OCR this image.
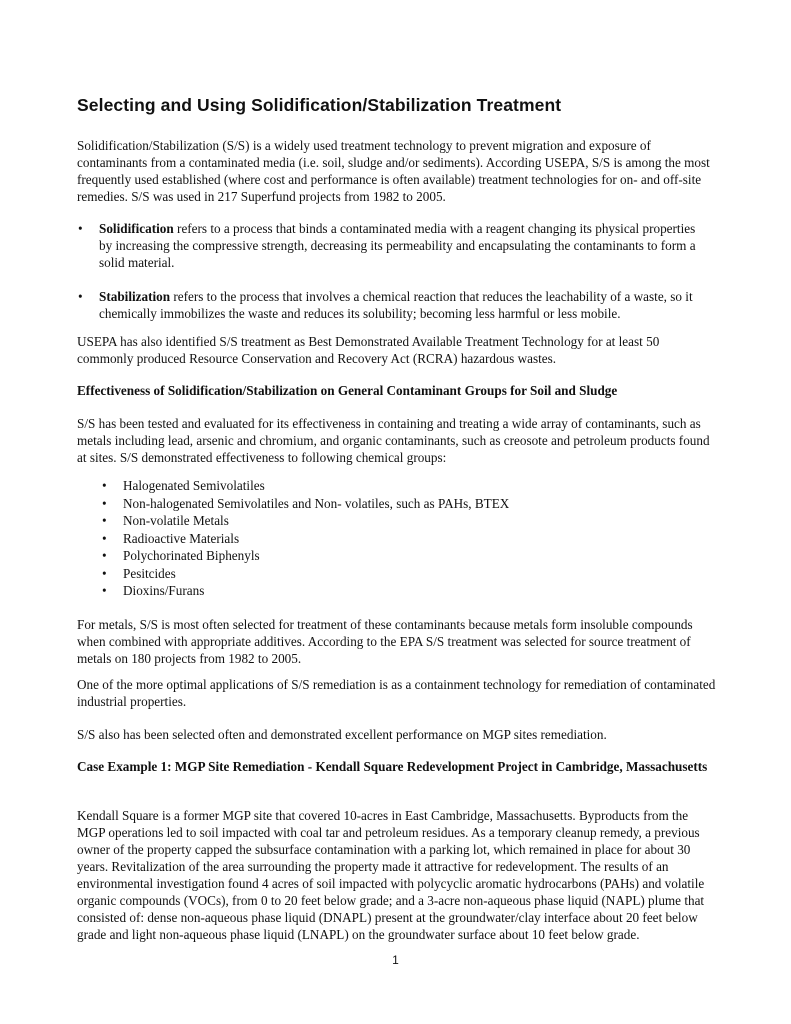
Selecting and Using Solidification/Stabilization Treatment

Solidification/Stabilization (S/S) is a widely used treatment technology to prevent migration and exposure of contaminants from a contaminated media (i.e. soil, sludge and/or sediments). According USEPA, S/S is among the most frequently used established (where cost and performance is often available) treatment technologies for on- and off-site remedies. S/S was used in 217 Superfund projects from 1982 to 2005.

• Solidification refers to a process that binds a contaminated media with a reagent changing its physical properties by increasing the compressive strength, decreasing its permeability and encapsulating the contaminants to form a solid material.
• Stabilization refers to the process that involves a chemical reaction that reduces the leachability of a waste, so it chemically immobilizes the waste and reduces its solubility; becoming less harmful or less mobile.

USEPA has also identified S/S treatment as Best Demonstrated Available Treatment Technology for at least 50 commonly produced Resource Conservation and Recovery Act (RCRA) hazardous wastes.

Effectiveness of Solidification/Stabilization on General Contaminant Groups for Soil and Sludge

S/S has been tested and evaluated for its effectiveness in containing and treating a wide array of contaminants, such as metals including lead, arsenic and chromium, and organic contaminants, such as creosote and petroleum products found at sites. S/S demonstrated effectiveness to following chemical groups:

• Halogenated Semivolatiles
• Non-halogenated Semivolatiles and Non- volatiles, such as PAHs, BTEX
• Non-volatile Metals
• Radioactive Materials
• Polychorinated Biphenyls
• Pesitcides
• Dioxins/Furans

For metals, S/S is most often selected for treatment of these contaminants because metals form insoluble compounds when combined with appropriate additives. According to the EPA S/S treatment was selected for source treatment of metals on 180 projects from 1982 to 2005.

One of the more optimal applications of S/S remediation is as a containment technology for remediation of contaminated industrial properties.

S/S also has been selected often and demonstrated excellent performance on MGP sites remediation.

Case Example 1: MGP Site Remediation - Kendall Square Redevelopment Project in Cambridge, Massachusetts

Kendall Square is a former MGP site that covered 10-acres in East Cambridge, Massachusetts. Byproducts from the MGP operations led to soil impacted with coal tar and petroleum residues. As a temporary cleanup remedy, a previous owner of the property capped the subsurface contamination with a parking lot, which remained in place for about 30 years. Revitalization of the area surrounding the property made it attractive for redevelopment. The results of an environmental investigation found 4 acres of soil impacted with polycyclic aromatic hydrocarbons (PAHs) and volatile organic compounds (VOCs), from 0 to 20 feet below grade; and a 3-acre non-aqueous phase liquid (NAPL) plume that consisted of: dense non-aqueous phase liquid (DNAPL) present at the groundwater/clay interface about 20 feet below grade and light non-aqueous phase liquid (LNAPL) on the groundwater surface about 10 feet below grade.

1
